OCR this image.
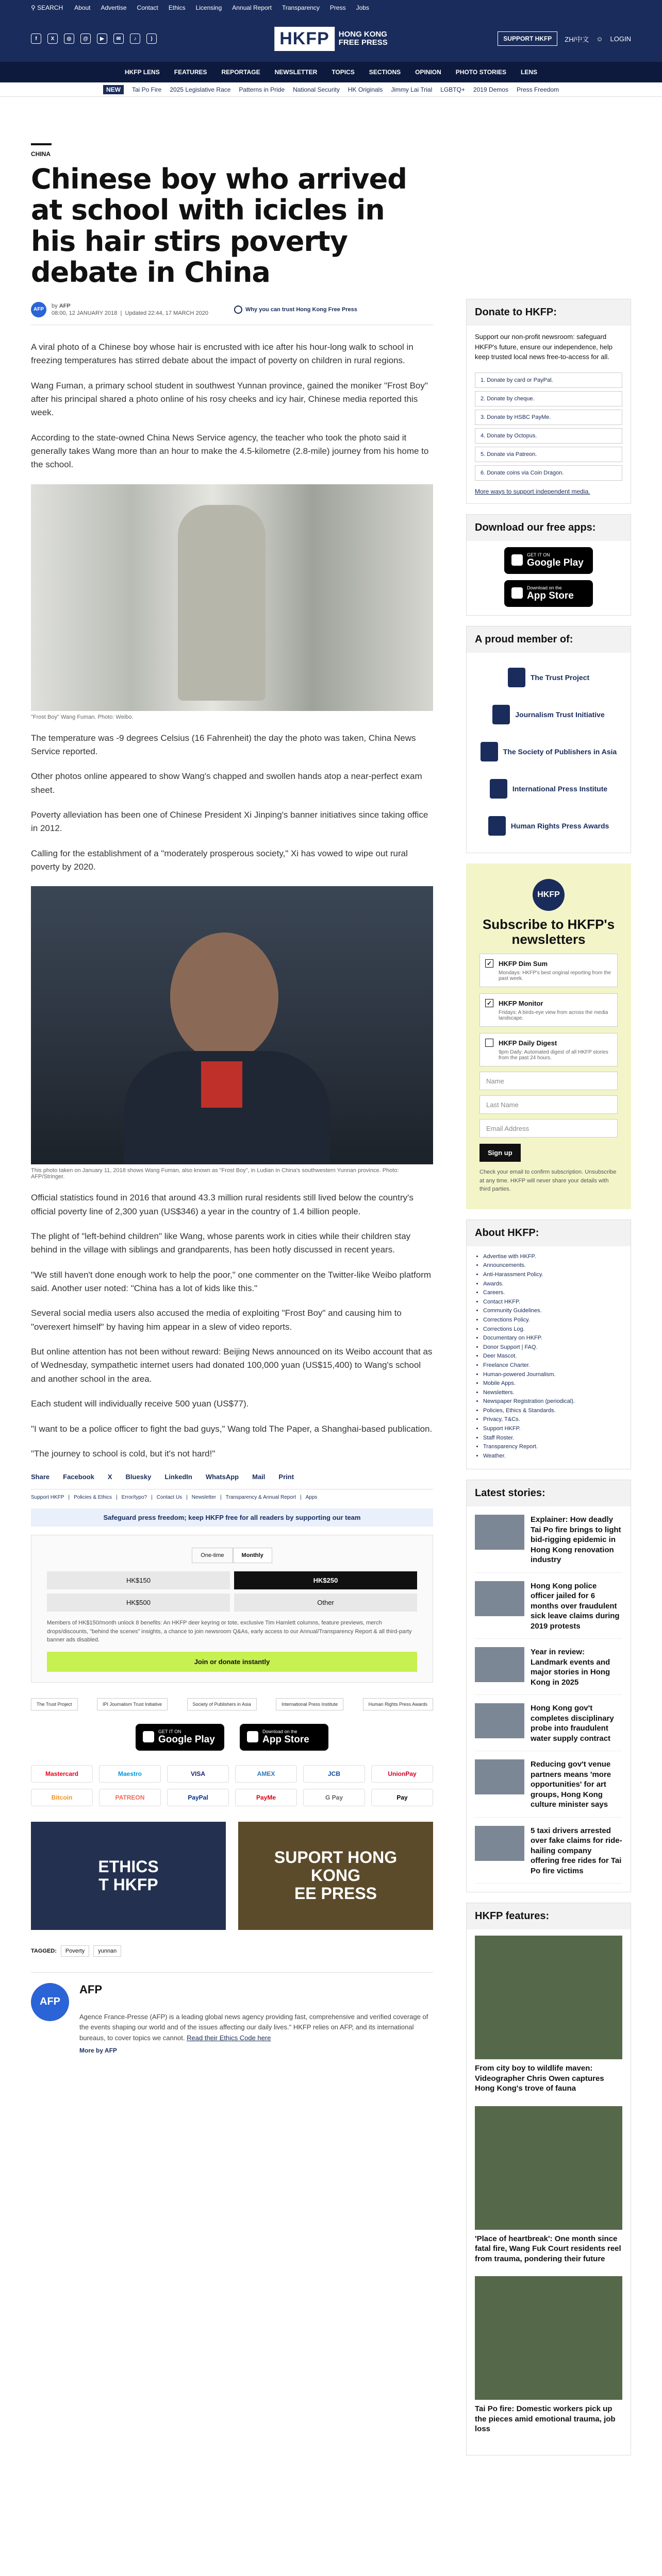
⚲ SEARCH About Advertise Contact Ethics Licensing Annual Report Transparency Press Jobs
f	X	◎	@	▶	✉	♪	)	HKFP	HONG KONG
FREE PRESS	SUPPORT HKFP	ZH/中文 ☺ LOGIN
HKFP LENS FEATURES REPORTAGE NEWSLETTER TOPICS SECTIONS OPINION PHOTO STORIES LENS
NEW	Tai Po Fire 2025 Legislative Race Patterns in Pride National Security HK Originals Jimmy Lai Trial LGBTQ+ 2019 Demos Press Freedom
CHINA
Chinese boy who arrived at school with icicles in his hair stirs poverty debate in China
AFP
by AFP
08:00, 12 JANUARY 2018  |  Updated 22:44, 17 MARCH 2020
Why you can trust Hong Kong Free Press

A viral photo of a Chinese boy whose hair is encrusted with ice after his hour-long walk to school in freezing temperatures has stirred debate about the impact of poverty on children in rural regions.

Wang Fuman, a primary school student in southwest Yunnan province, gained the moniker "Frost Boy" after his principal shared a photo online of his rosy cheeks and icy hair, Chinese media reported this week.

According to the state-owned China News Service agency, the teacher who took the photo said it generally takes Wang more than an hour to make the 4.5-kilometre (2.8-mile) journey from his home to the school.

"Frost Boy" Wang Fuman. Photo: Weibo.

The temperature was -9 degrees Celsius (16 Fahrenheit) the day the photo was taken, China News Service reported.

Other photos online appeared to show Wang's chapped and swollen hands atop a near-perfect exam sheet.

Poverty alleviation has been one of Chinese President Xi Jinping's banner initiatives since taking office in 2012.

Calling for the establishment of a "moderately prosperous society," Xi has vowed to wipe out rural poverty by 2020.

This photo taken on January 11, 2018 shows Wang Fuman, also known as "Frost Boy", in Ludian in China's southwestern Yunnan province. Photo: AFP/Stringer.

Official statistics found in 2016 that around 43.3 million rural residents still lived below the country's official poverty line of 2,300 yuan (US$346) a year in the country of 1.4 billion people.

The plight of "left-behind children" like Wang, whose parents work in cities while their children stay behind in the village with siblings and grandparents, has been hotly discussed in recent years.

"We still haven't done enough work to help the poor," one commenter on the Twitter-like Weibo platform said. Another user noted: "China has a lot of kids like this."

Several social media users also accused the media of exploiting "Frost Boy" and causing him to "overexert himself" by having him appear in a slew of video reports.

But online attention has not been without reward: Beijing News announced on its Weibo account that as of Wednesday, sympathetic internet users had donated 100,000 yuan (US$15,400) to Wang's school and another school in the area.

Each student will individually receive 500 yuan (US$77).

"I want to be a police officer to fight the bad guys," Wang told The Paper, a Shanghai-based publication.

"The journey to school is cold, but it's not hard!"

Share Facebook X Bluesky LinkedIn WhatsApp Mail Print
Support HKFP | Policies & Ethics | Error/typo? | Contact Us | Newsletter | Transparency & Annual Report | Apps
Safeguard press freedom; keep HKFP free for all readers by supporting our team
One-time	Monthly
HK$150	HK$250
HK$500	Other
Members of HK$150/month unlock 8 benefits: An HKFP deer keyring or tote, exclusive Tim Hamlett columns, feature previews, merch drops/discounts, "behind the scenes" insights, a chance to join newsroom Q&As, early access to our Annual/Transparency Report & all third-party banner ads disabled.
Join or donate instantly
The Trust Project	IPI Journalism Trust Initiative	Society of Publishers in Asia	International Press Institute	Human Rights Press Awards
GET IT ON
Google Play
Download on the
App Store
Mastercard	Maestro	VISA	AMEX	JCB	UnionPay
Bitcoin	PATREON	PayPal	PayMe	G Pay	Pay
ETHICS
T HKFP
SUPORT HONG
KONG
EE PRESS
TAGGED:	Poverty	yunnan
AFP
AFP

Agence France-Presse (AFP) is a leading global news agency providing fast, comprehensive and verified coverage of the events shaping our world and of the issues affecting our daily lives." HKFP relies on AFP, and its international bureaus, to cover topics we cannot. Read their Ethics Code here

More by AFP
Donate to HKFP:
Support our non-profit newsroom: safeguard HKFP's future, ensure our independence, help keep trusted local news free-to-access for all.
1. Donate by card or PayPal.
2. Donate by cheque.
3. Donate by HSBC PayMe.
4. Donate by Octopus.
5. Donate via Patreon.
6. Donate coins via Coin Dragon.
More ways to support independent media.
Download our free apps:
GET IT ON
Google Play
Download on the
App Store
A proud member of:
The Trust Project
Journalism Trust Initiative
The Society of Publishers in Asia
International Press Institute
Human Rights Press Awards
HKFP
Subscribe to HKFP's newsletters
✓ HKFP Dim Sum

Mondays: HKFP's best original reporting from the past week.

✓ HKFP Monitor

Fridays: A birds-eye view from across the media landscape.

HKFP Daily Digest

9pm Daily: Automated digest of all HKFP stories from the past 24 hours.

Name
Last Name
Email Address
Sign up
Check your email to confirm subscription. Unsubscribe at any time. HKFP will never share your details with third parties.
About HKFP:
• Advertise with HKFP.
• Announcements.
• Anti-Harassment Policy.
• Awards.
• Careers.
• Contact HKFP.
• Community Guidelines.
• Corrections Policy.
• Corrections Log.
• Documentary on HKFP.
• Donor Support | FAQ.
• Deer Mascot.
• Freelance Charter.
• Human-powered Journalism.
• Mobile Apps.
• Newsletters.
• Newspaper Registration (periodical).
• Policies, Ethics & Standards.
• Privacy, T&Cs.
• Support HKFP.
• Staff Roster.
• Transparency Report.
• Weather.
Latest stories:
Explainer: How deadly Tai Po fire brings to light bid-rigging epidemic in Hong Kong renovation industry
Hong Kong police officer jailed for 6 months over fraudulent sick leave claims during 2019 protests
Year in review: Landmark events and major stories in Hong Kong in 2025
Hong Kong gov't completes disciplinary probe into fraudulent water supply contract
Reducing gov't venue partners means 'more opportunities' for art groups, Hong Kong culture minister says
5 taxi drivers arrested over fake claims for ride-hailing company offering free rides for Tai Po fire victims
HKFP features:
From city boy to wildlife maven: Videographer Chris Owen captures Hong Kong's trove of fauna
'Place of heartbreak': One month since fatal fire, Wang Fuk Court residents reel from trauma, pondering their future
Tai Po fire: Domestic workers pick up the pieces amid emotional trauma, job loss
